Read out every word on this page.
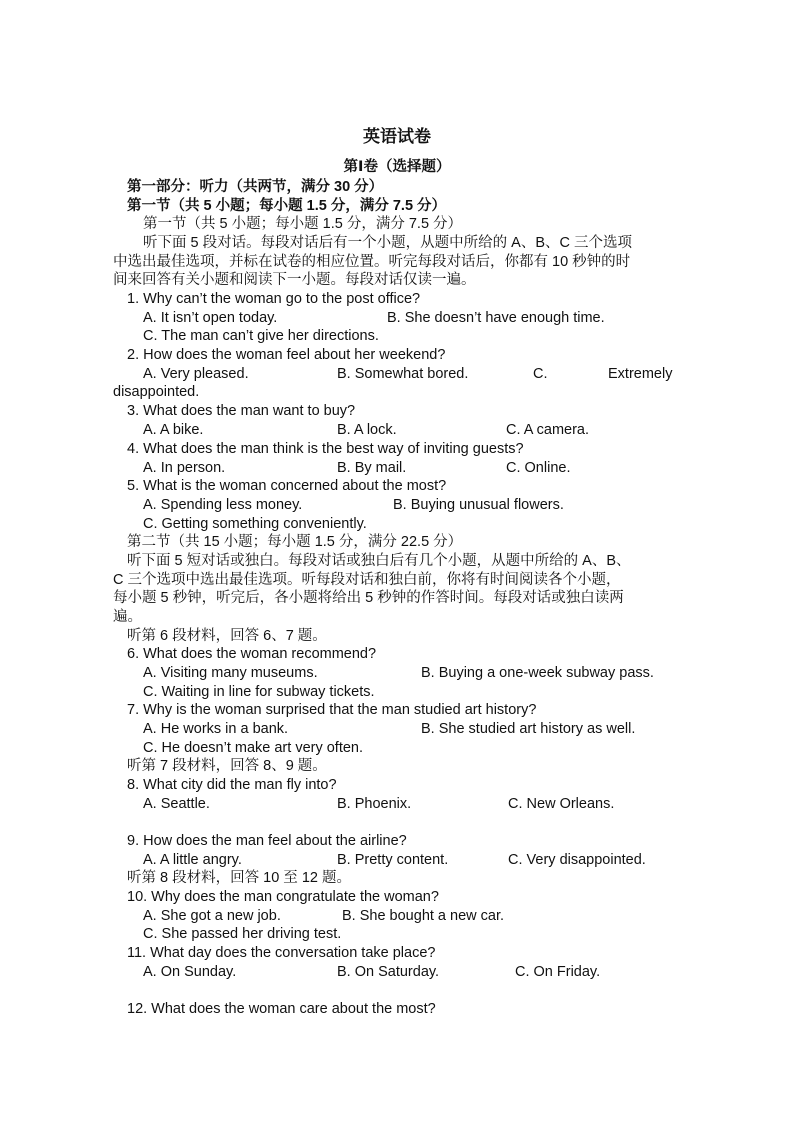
英语试卷
第Ⅰ卷（选择题）
第一部分：听力（共两节，满分 30 分）
第一节（共 5 小题；每小题 1.5 分，满分 7.5 分）
第一节（共 5 小题；每小题 1.5 分，满分 7.5 分）
听下面 5 段对话。每段对话后有一个小题，从题中所给的 A、B、C 三个选项
中选出最佳选项，并标在试卷的相应位置。听完每段对话后，你都有 10 秒钟的时
间来回答有关小题和阅读下一小题。每段对话仅读一遍。
1. Why can’t the woman go to the post office?
A. It isn’t open today.	B. She doesn’t have enough time.
C. The man can’t give her directions.
2. How does the woman feel about her weekend?
A. Very pleased.	B. Somewhat bored.	C.	Extremely
disappointed.
3. What does the man want to buy?
A. A bike.	B. A lock.	C. A camera.
4. What does the man think is the best way of inviting guests?
A. In person.	B. By mail.	C. Online.
5. What is the woman concerned about the most?
A. Spending less money.	B. Buying unusual flowers.
C. Getting something conveniently.
第二节（共 15 小题；每小题 1.5 分，满分 22.5 分）
听下面 5 短对话或独白。每段对话或独白后有几个小题，从题中所给的 A、B、
C 三个选项中选出最佳选项。听每段对话和独白前，你将有时间阅读各个小题，
每小题 5 秒钟，听完后，各小题将给出 5 秒钟的作答时间。每段对话或独白读两
遍。
听第 6 段材料，回答 6、7 题。
6. What does the woman recommend?
A. Visiting many museums.	B. Buying a one-week subway pass.
C. Waiting in line for subway tickets.
7. Why is the woman surprised that the man studied art history?
A. He works in a bank.	B. She studied art history as well.
C. He doesn’t make art very often.
听第 7 段材料，回答 8、9 题。
8. What city did the man fly into?
A. Seattle.	B. Phoenix.	C. New Orleans.
9. How does the man feel about the airline?
A. A little angry.	B. Pretty content.	C. Very disappointed.
听第 8 段材料，回答 10 至 12 题。
10. Why does the man congratulate the woman?
A. She got a new job.	B. She bought a new car.
C. She passed her driving test.
11. What day does the conversation take place?
A. On Sunday.	B. On Saturday.	C. On Friday.
12. What does the woman care about the most?
